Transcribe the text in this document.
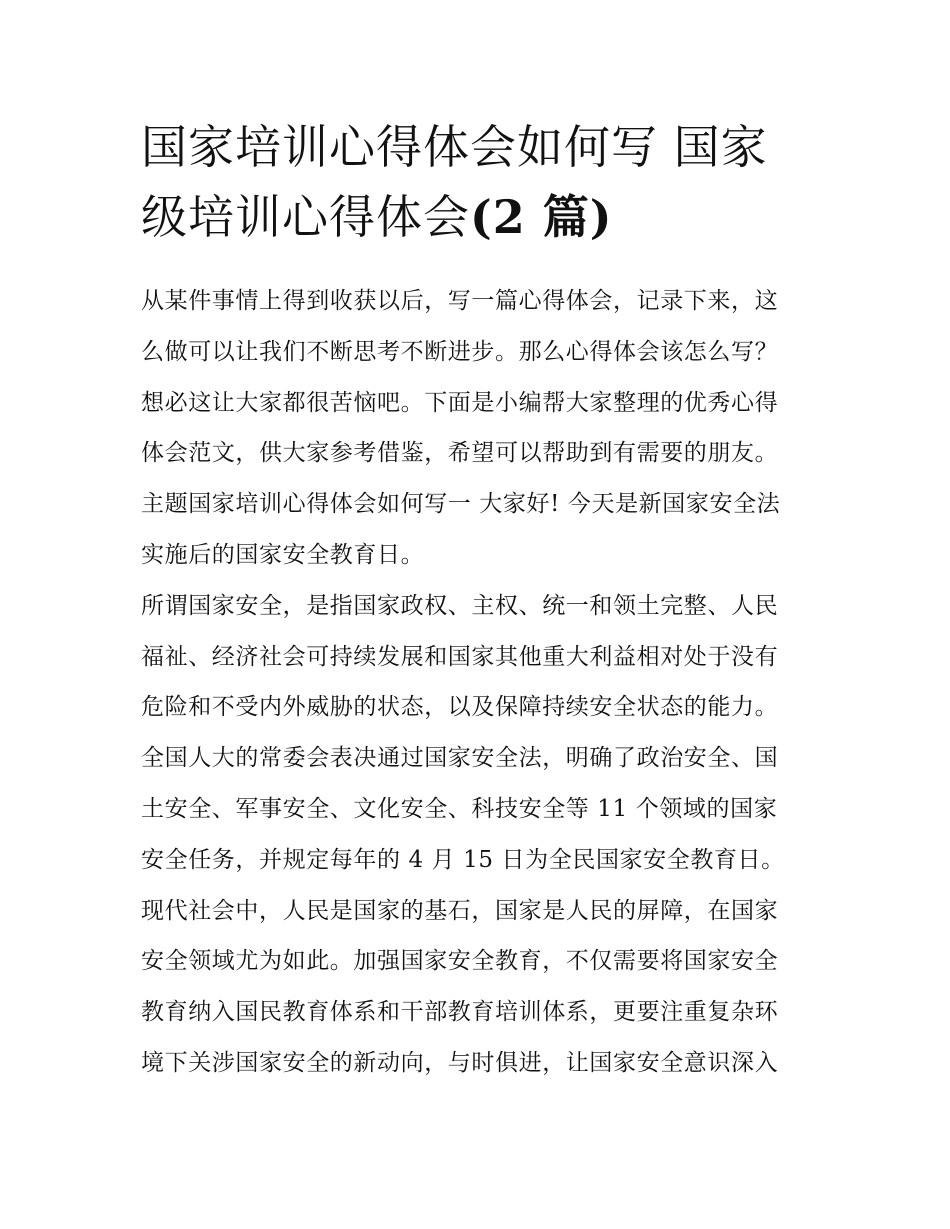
国家培训心得体会如何写 国家级培训心得体会(2 篇)
从某件事情上得到收获以后，写一篇心得体会，记录下来，这
么做可以让我们不断思考不断进步。那么心得体会该怎么写？
想必这让大家都很苦恼吧。下面是小编帮大家整理的优秀心得
体会范文，供大家参考借鉴，希望可以帮助到有需要的朋友。
主题国家培训心得体会如何写一 大家好! 今天是新国家安全法
实施后的国家安全教育日。
所谓国家安全，是指国家政权、主权、统一和领土完整、人民
福祉、经济社会可持续发展和国家其他重大利益相对处于没有
危险和不受内外威胁的状态，以及保障持续安全状态的能力。
全国人大的常委会表决通过国家安全法，明确了政治安全、国
土安全、军事安全、文化安全、科技安全等 11 个领域的国家
安全任务，并规定每年的 4 月 15 日为全民国家安全教育日。
现代社会中，人民是国家的基石，国家是人民的屏障，在国家
安全领域尤为如此。加强国家安全教育，不仅需要将国家安全
教育纳入国民教育体系和干部教育培训体系，更要注重复杂环
境下关涉国家安全的新动向，与时俱进，让国家安全意识深入
